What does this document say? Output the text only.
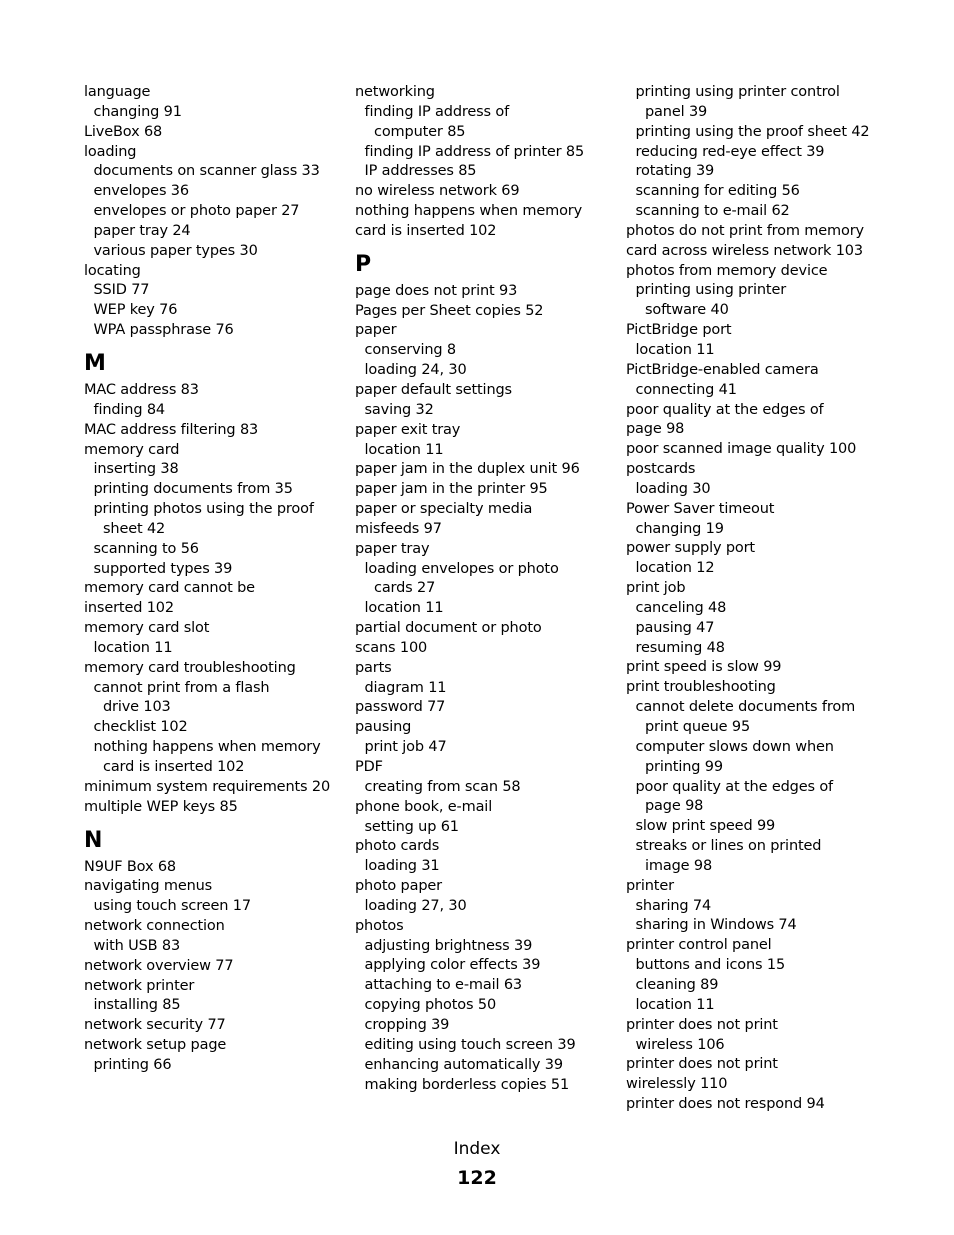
language
changing 91
LiveBox 68
loading
documents on scanner glass 33
envelopes 36
envelopes or photo paper 27
paper tray 24
various paper types 30
locating
SSID 77
WEP key 76
WPA passphrase 76
M
MAC address 83
finding 84
MAC address filtering 83
memory card
inserting 38
printing documents from 35
printing photos using the proof
sheet 42
scanning to 56
supported types 39
memory card cannot be
inserted 102
memory card slot
location 11
memory card troubleshooting
cannot print from a flash
drive 103
checklist 102
nothing happens when memory
card is inserted 102
minimum system requirements 20
multiple WEP keys 85
N
N9UF Box 68
navigating menus
using touch screen 17
network connection
with USB 83
network overview 77
network printer
installing 85
network security 77
network setup page
printing 66
networking
finding IP address of
computer 85
finding IP address of printer 85
IP addresses 85
no wireless network 69
nothing happens when memory
card is inserted 102
P
page does not print 93
Pages per Sheet copies 52
paper
conserving 8
loading 24, 30
paper default settings
saving 32
paper exit tray
location 11
paper jam in the duplex unit 96
paper jam in the printer 95
paper or specialty media
misfeeds 97
paper tray
loading envelopes or photo
cards 27
location 11
partial document or photo
scans 100
parts
diagram 11
password 77
pausing
print job 47
PDF
creating from scan 58
phone book, e-mail
setting up 61
photo cards
loading 31
photo paper
loading 27, 30
photos
adjusting brightness 39
applying color effects 39
attaching to e-mail 63
copying photos 50
cropping 39
editing using touch screen 39
enhancing automatically 39
making borderless copies 51
printing using printer control
panel 39
printing using the proof sheet 42
reducing red-eye effect 39
rotating 39
scanning for editing 56
scanning to e-mail 62
photos do not print from memory
card across wireless network 103
photos from memory device
printing using printer
software 40
PictBridge port
location 11
PictBridge-enabled camera
connecting 41
poor quality at the edges of
page 98
poor scanned image quality 100
postcards
loading 30
Power Saver timeout
changing 19
power supply port
location 12
print job
canceling 48
pausing 47
resuming 48
print speed is slow 99
print troubleshooting
cannot delete documents from
print queue 95
computer slows down when
printing 99
poor quality at the edges of
page 98
slow print speed 99
streaks or lines on printed
image 98
printer
sharing 74
sharing in Windows 74
printer control panel
buttons and icons 15
cleaning 89
location 11
printer does not print
wireless 106
printer does not print
wirelessly 110
printer does not respond 94
Index
122
